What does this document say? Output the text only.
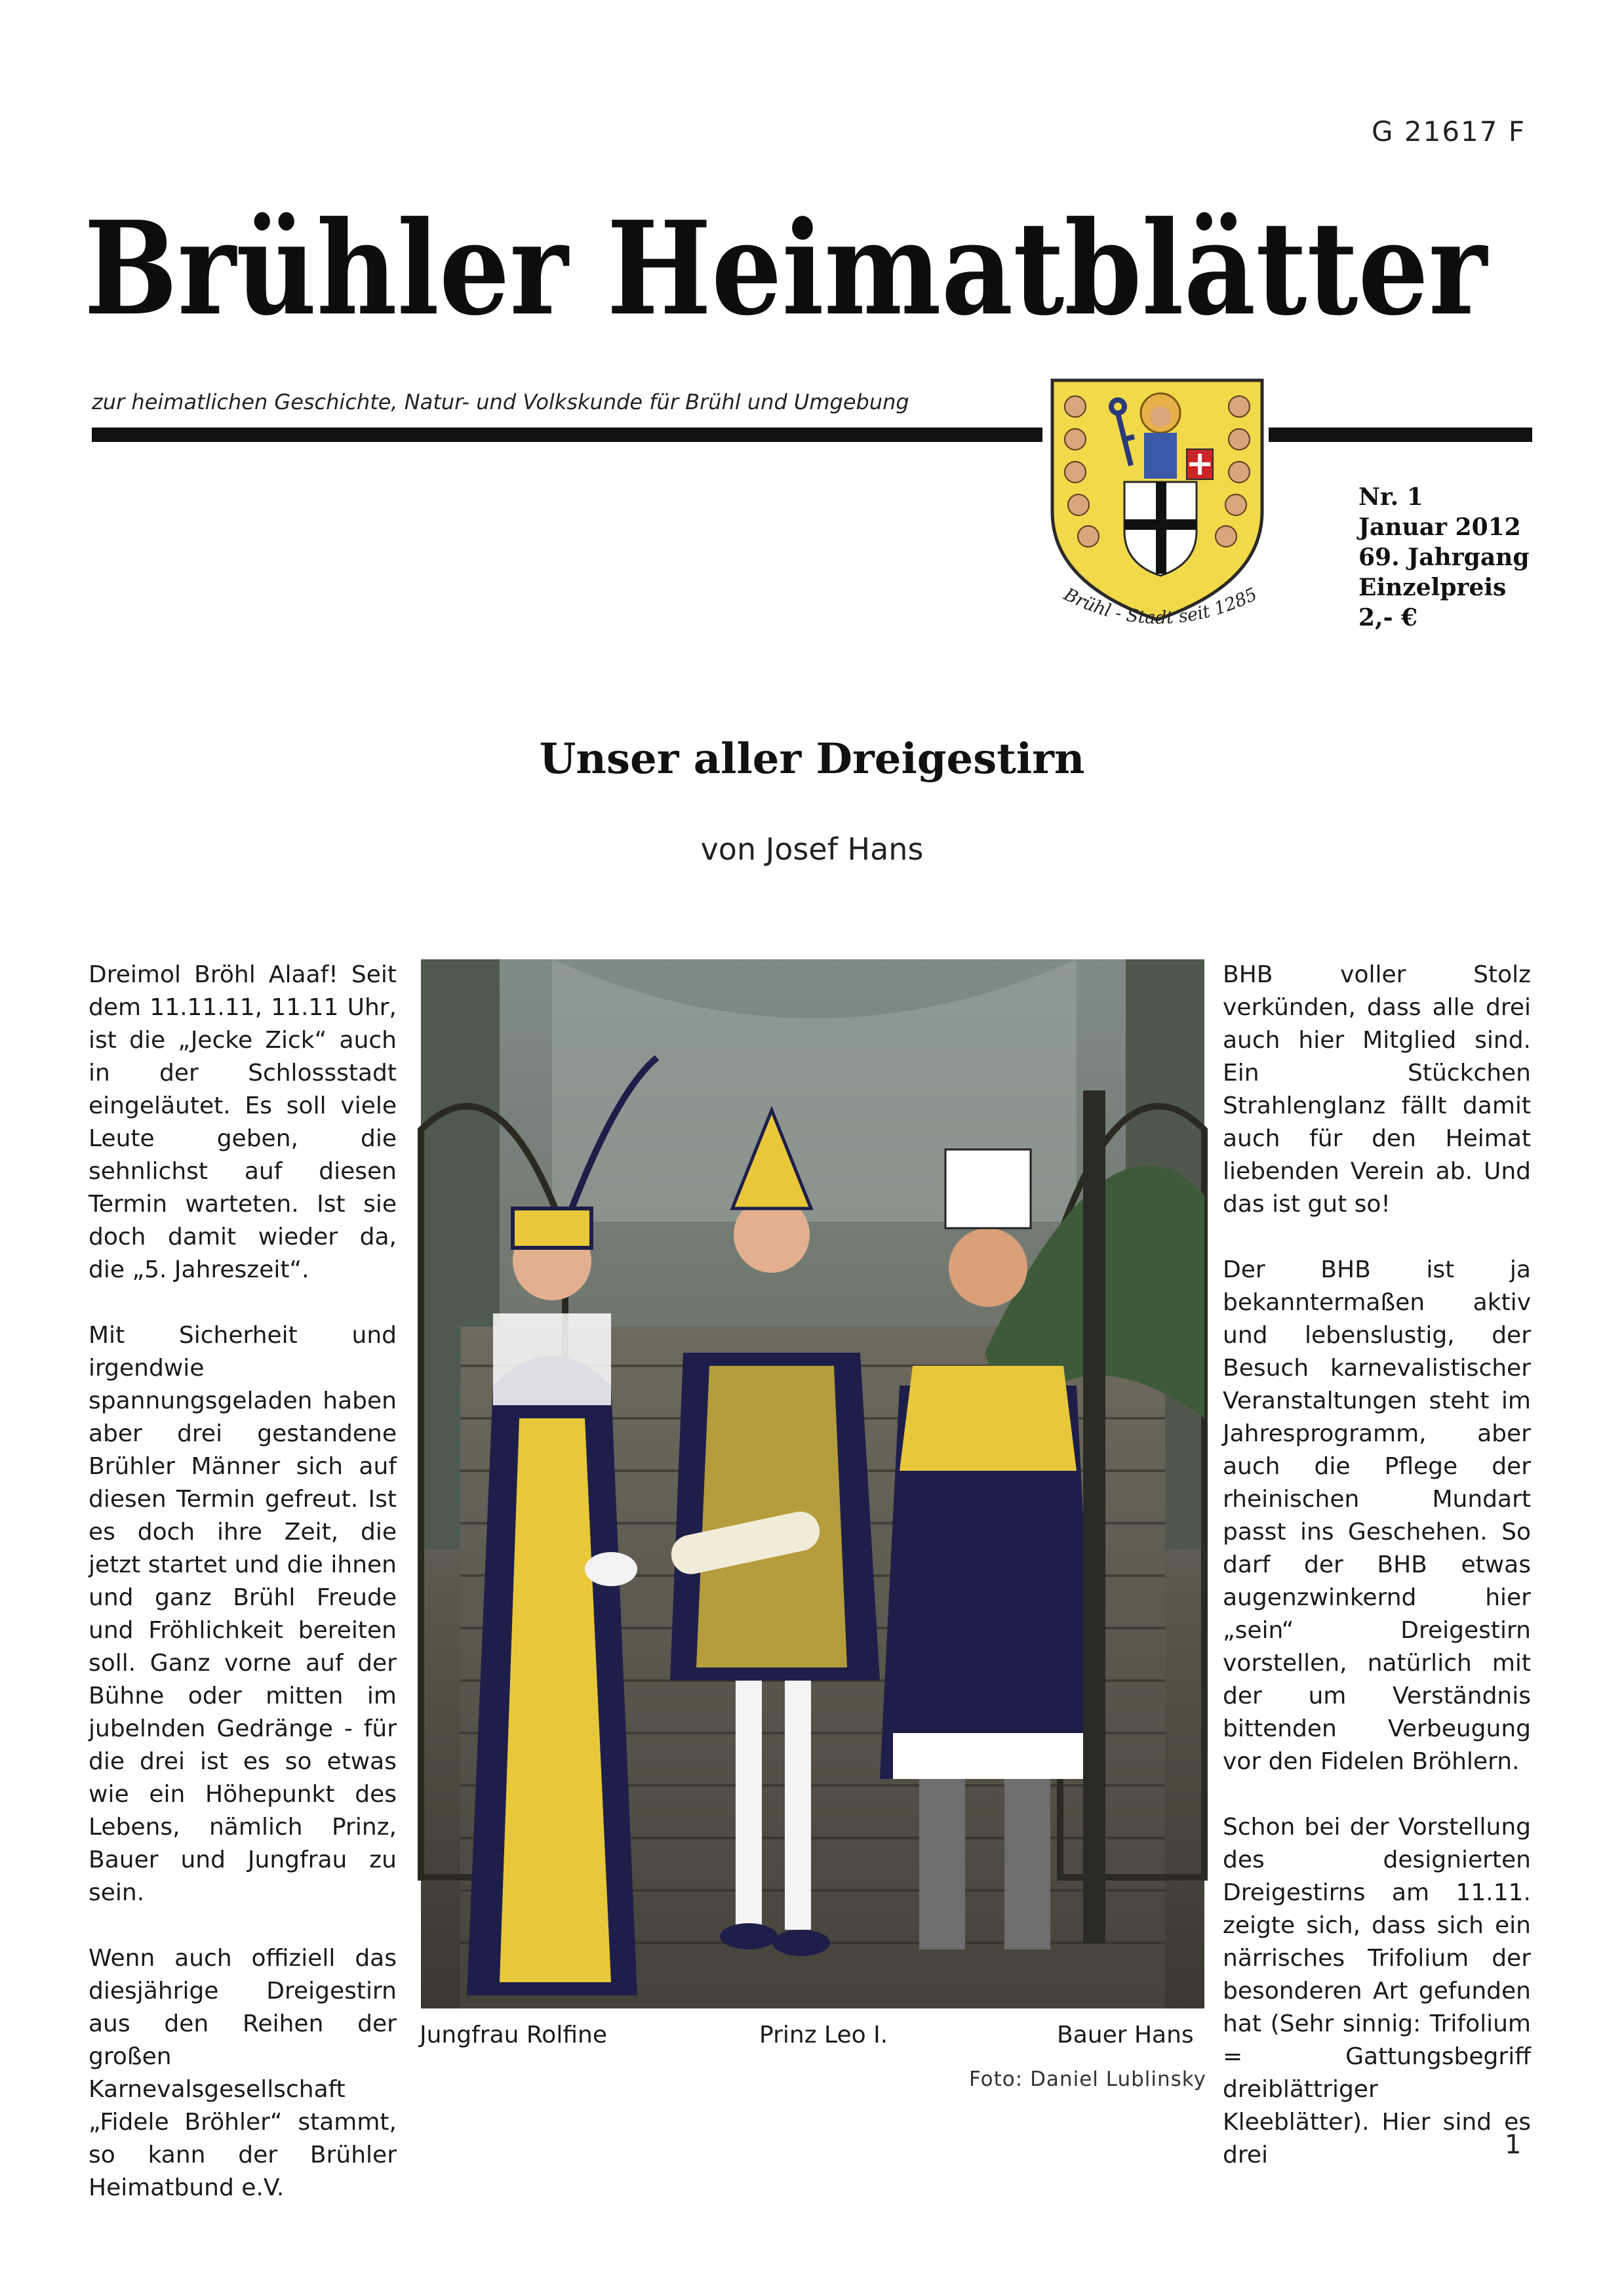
G 21617 F
Brühler Heimatblätter
zur heimatlichen Geschichte, Natur- und Volkskunde für Brühl und Umgebung
Brühl - Stadt seit 1285
Nr. 1
Januar 2012
69. Jahrgang
Einzelpreis
2,- €
Unser aller Dreigestirn
von Josef Hans

Dreimol Bröhl Alaaf! Seit dem 11.11.11, 11.11 Uhr, ist die „Jecke Zick“ auch in der Schlossstadt eingeläutet. Es soll viele Leute geben, die sehnlichst auf diesen Termin warteten. Ist sie doch damit wieder da, die „5. Jahreszeit“.

Mit Sicherheit und irgendwie spannungsgeladen haben aber drei gestandene Brühler Männer sich auf diesen Termin gefreut. Ist es doch ihre Zeit, die jetzt startet und die ihnen und ganz Brühl Freude und Fröhlichkeit bereiten soll. Ganz vorne auf der Bühne oder mitten im jubelnden Gedränge - für die drei ist es so etwas wie ein Höhepunkt des Lebens, nämlich Prinz, Bauer und Jungfrau zu sein.

Wenn auch offiziell das diesjährige Dreigestirn aus den Reihen der großen Karnevalsgesellschaft „Fidele Bröhler“ stammt, so kann der Brühler Heimatbund e.V.

Jungfrau Rolfine	Prinz Leo I.	Bauer Hans
Foto: Daniel Lublinsky

BHB voller Stolz verkünden, dass alle drei auch hier Mitglied sind. Ein Stückchen Strahlenglanz fällt damit auch für den Heimat liebenden Verein ab. Und das ist gut so!

Der BHB ist ja bekanntermaßen aktiv und lebenslustig, der Besuch karnevalistischer Veranstaltungen steht im Jahresprogramm, aber auch die Pflege der rheinischen Mundart passt ins Geschehen. So darf der BHB etwas augenzwinkernd hier „sein“ Dreigestirn vorstellen, natürlich mit der um Verständnis bittenden Verbeugung vor den Fidelen Bröhlern.

Schon bei der Vorstellung des designierten Dreigestirns am 11.11. zeigte sich, dass sich ein närrisches Trifolium der besonderen Art gefunden hat (Sehr sinnig: Trifolium = Gattungsbegriff dreiblättriger Kleeblätter). Hier sind es drei	1
